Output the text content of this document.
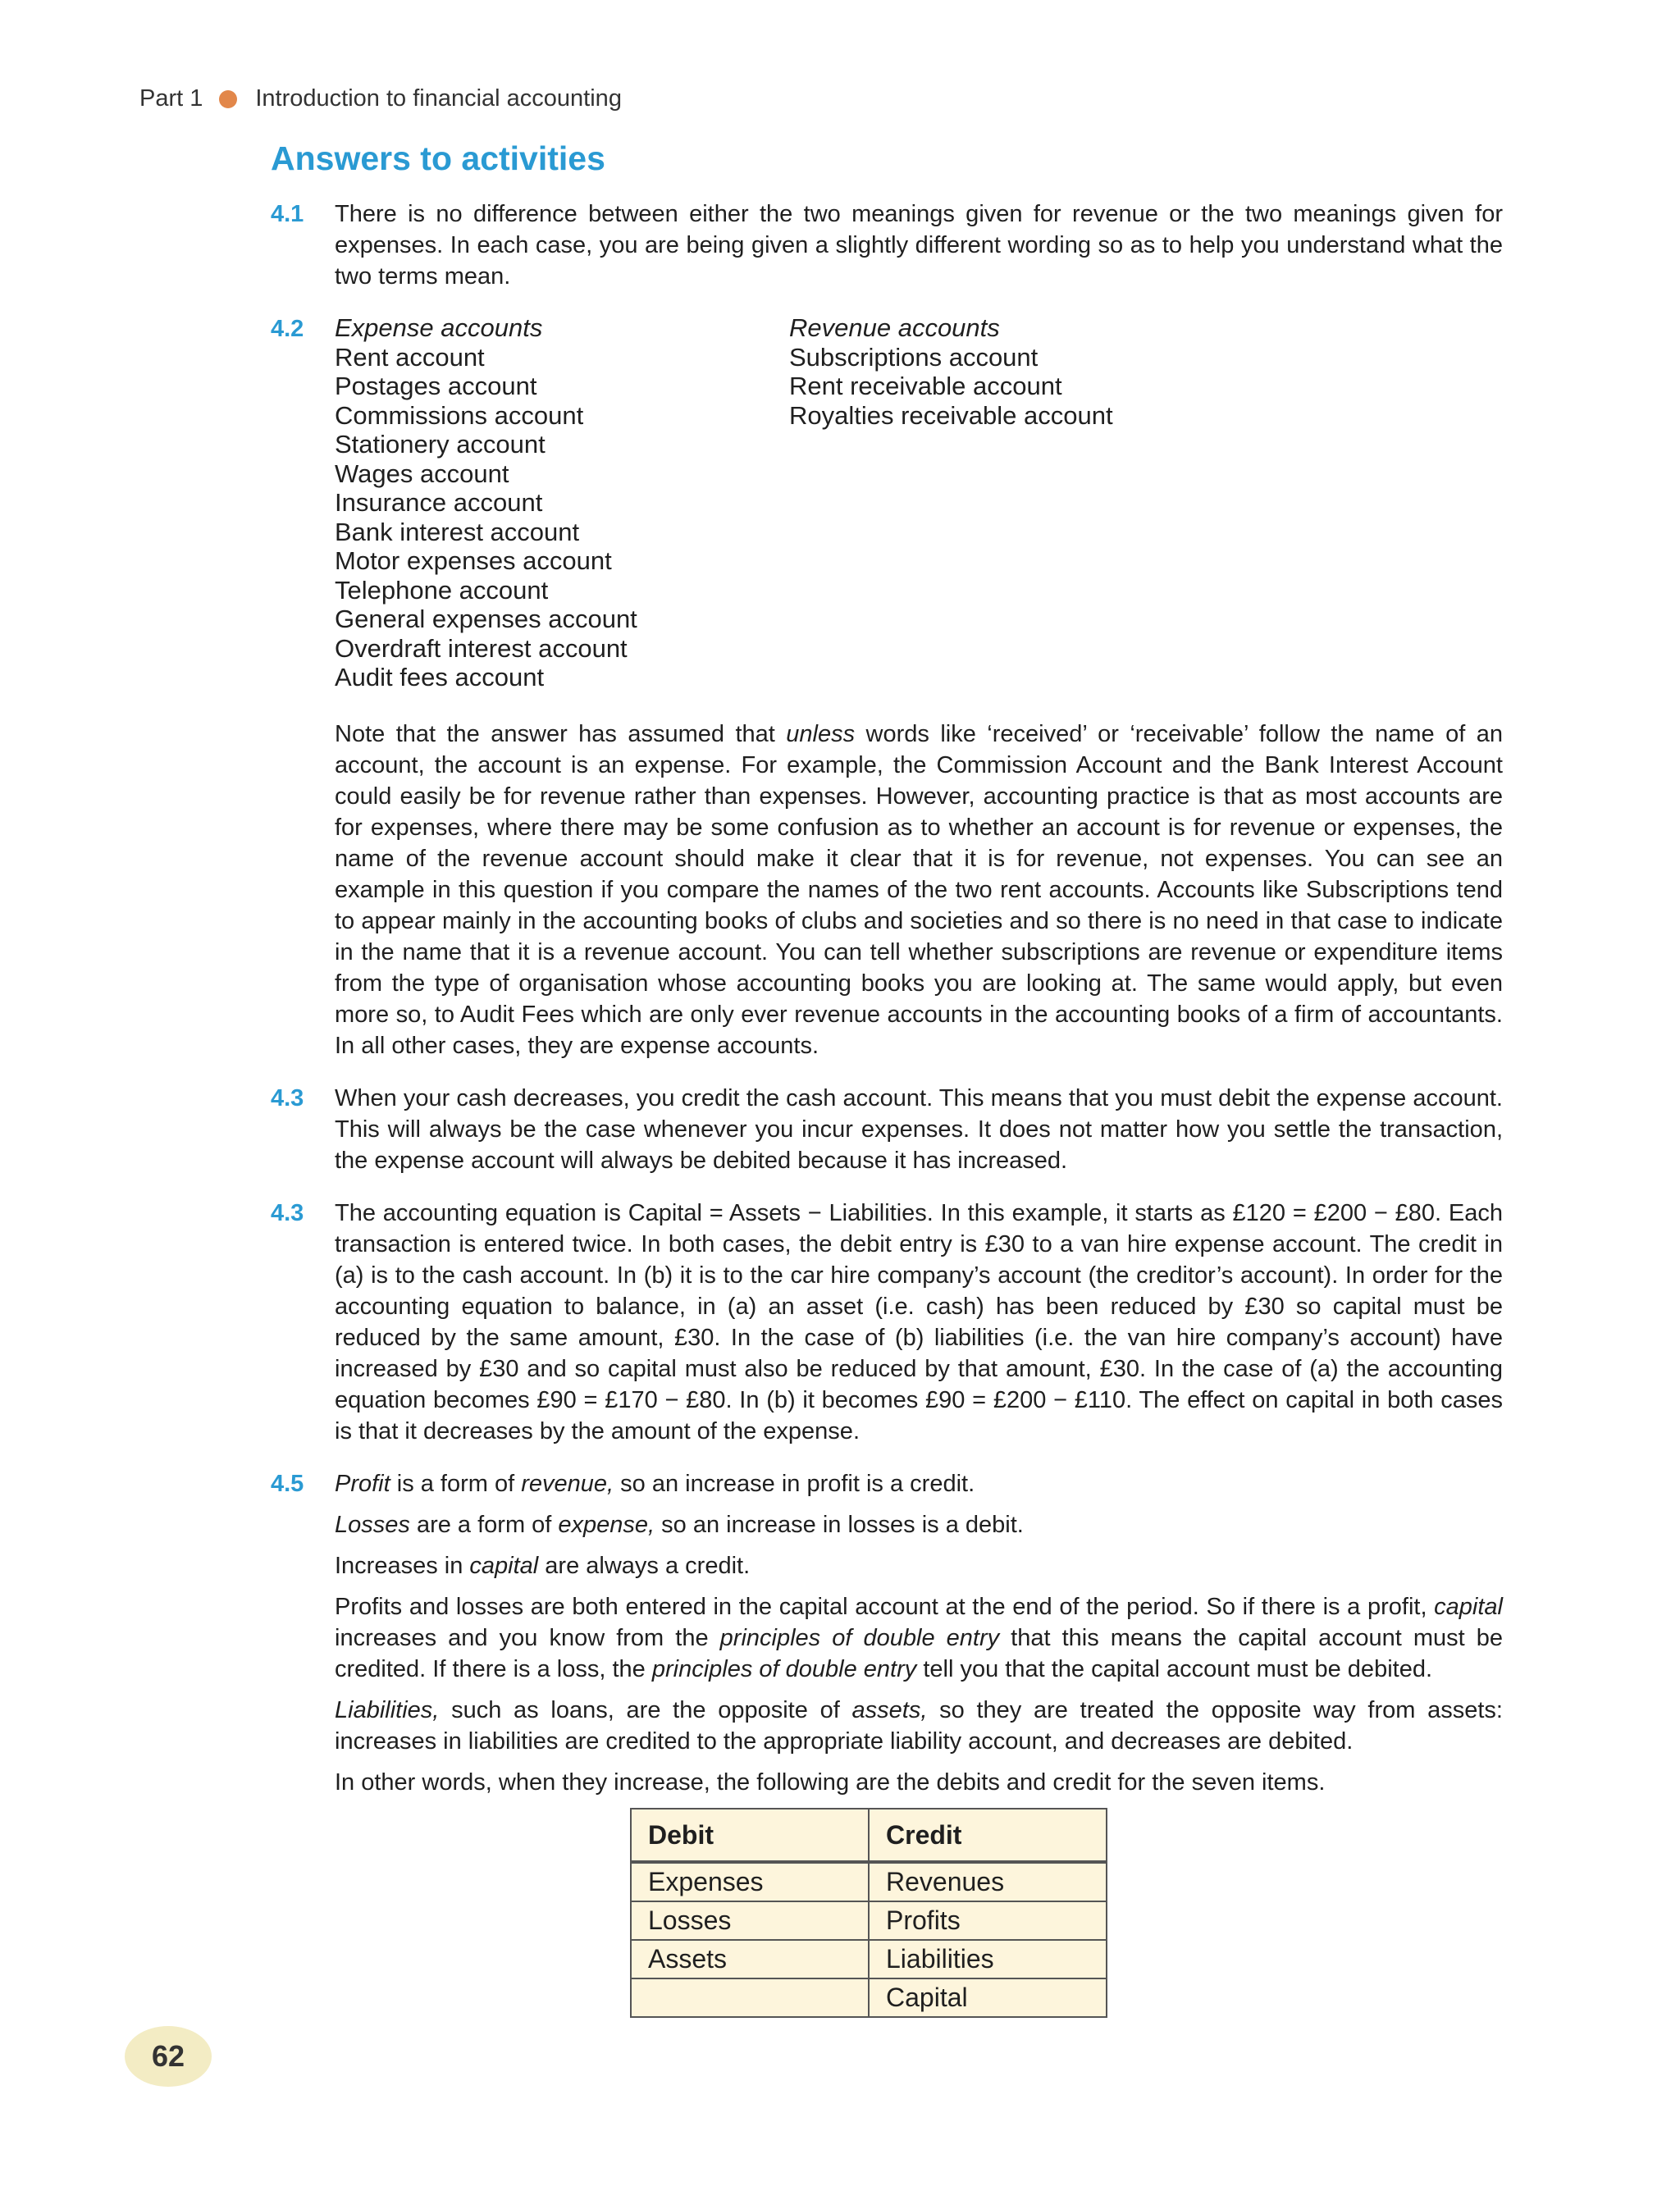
Part 1 Introduction to financial accounting
Answers to activities
4.1	There is no difference between either the two meanings given for revenue or the two meanings given for expenses. In each case, you are being given a slightly different wording so as to help you understand what the two terms mean.

4.2	Expense accounts
Rent account
Postages account
Commissions account
Stationery account
Wages account
Insurance account
Bank interest account
Motor expenses account
Telephone account
General expenses account
Overdraft interest account
Audit fees account
Revenue accounts
Subscriptions account
Rent receivable account
Royalties receivable account

Note that the answer has assumed that unless words like ‘received’ or ‘receivable’ follow the name of an account, the account is an expense. For example, the Commission Account and the Bank Interest Account could easily be for revenue rather than expenses. However, accounting practice is that as most accounts are for expenses, where there may be some confusion as to whether an account is for revenue or expenses, the name of the revenue account should make it clear that it is for revenue, not expenses. You can see an example in this question if you compare the names of the two rent accounts. Accounts like Subscriptions tend to appear mainly in the accounting books of clubs and societies and so there is no need in that case to indicate in the name that it is a revenue account. You can tell whether subscriptions are revenue or expenditure items from the type of organisation whose accounting books you are looking at. The same would apply, but even more so, to Audit Fees which are only ever revenue accounts in the accounting books of a firm of accountants. In all other cases, they are expense accounts.

4.3	When your cash decreases, you credit the cash account. This means that you must debit the expense account. This will always be the case whenever you incur expenses. It does not matter how you settle the transaction, the expense account will always be debited because it has increased.

4.3	The accounting equation is Capital = Assets − Liabilities. In this example, it starts as £120 = £200 − £80. Each transaction is entered twice. In both cases, the debit entry is £30 to a van hire expense account. The credit in (a) is to the cash account. In (b) it is to the car hire company’s account (the creditor’s account). In order for the accounting equation to balance, in (a) an asset (i.e. cash) has been reduced by £30 so capital must be reduced by the same amount, £30. In the case of (b) liabilities (i.e. the van hire company’s account) have increased by £30 and so capital must also be reduced by that amount, £30. In the case of (a) the accounting equation becomes £90 = £170 − £80. In (b) it becomes £90 = £200 − £110. The effect on capital in both cases is that it decreases by the amount of the expense.

4.5	Profit is a form of revenue, so an increase in profit is a credit.

Losses are a form of expense, so an increase in losses is a debit.

Increases in capital are always a credit.

Profits and losses are both entered in the capital account at the end of the period. So if there is a profit, capital increases and you know from the principles of double entry that this means the capital account must be credited. If there is a loss, the principles of double entry tell you that the capital account must be debited.

Liabilities, such as loans, are the opposite of assets, so they are treated the opposite way from assets: increases in liabilities are credited to the appropriate liability account, and decreases are debited.

In other words, when they increase, the following are the debits and credit for the seven items.

Debit	Credit
Expenses	Revenues
Losses	Profits
Assets	Liabilities
	Capital
62
